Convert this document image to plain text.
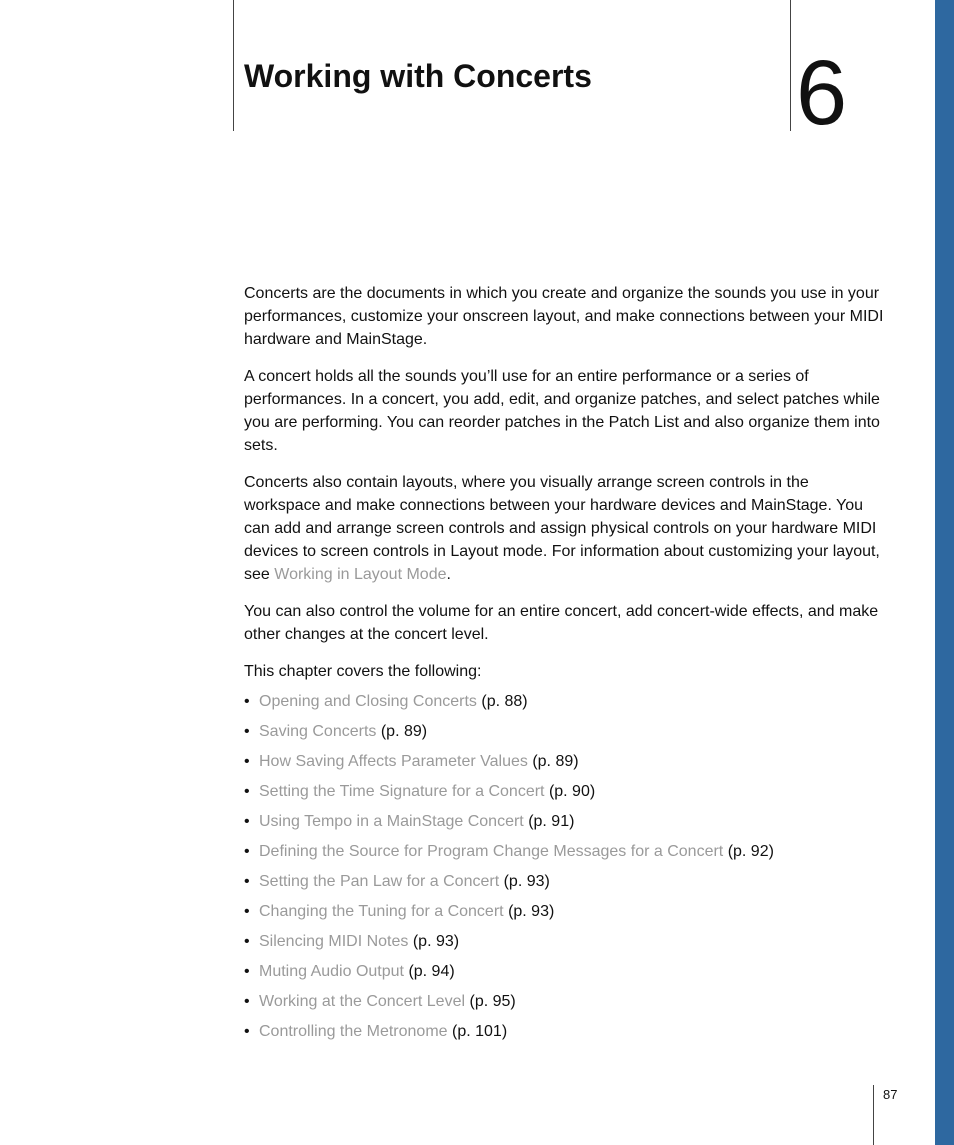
Working with Concerts 6

Concerts are the documents in which you create and organize the sounds you use in your performances, customize your onscreen layout, and make connections between your MIDI hardware and MainStage.

A concert holds all the sounds you’ll use for an entire performance or a series of performances. In a concert, you add, edit, and organize patches, and select patches while you are performing. You can reorder patches in the Patch List and also organize them into sets.

Concerts also contain layouts, where you visually arrange screen controls in the workspace and make connections between your hardware devices and MainStage. You can add and arrange screen controls and assign physical controls on your hardware MIDI devices to screen controls in Layout mode. For information about customizing your layout, see Working in Layout Mode.

You can also control the volume for an entire concert, add concert-wide effects, and make other changes at the concert level.

This chapter covers the following:

• Opening and Closing Concerts (p. 88)
• Saving Concerts (p. 89)
• How Saving Affects Parameter Values (p. 89)
• Setting the Time Signature for a Concert (p. 90)
• Using Tempo in a MainStage Concert (p. 91)
• Defining the Source for Program Change Messages for a Concert (p. 92)
• Setting the Pan Law for a Concert (p. 93)
• Changing the Tuning for a Concert (p. 93)
• Silencing MIDI Notes (p. 93)
• Muting Audio Output (p. 94)
• Working at the Concert Level (p. 95)
• Controlling the Metronome (p. 101)
87
